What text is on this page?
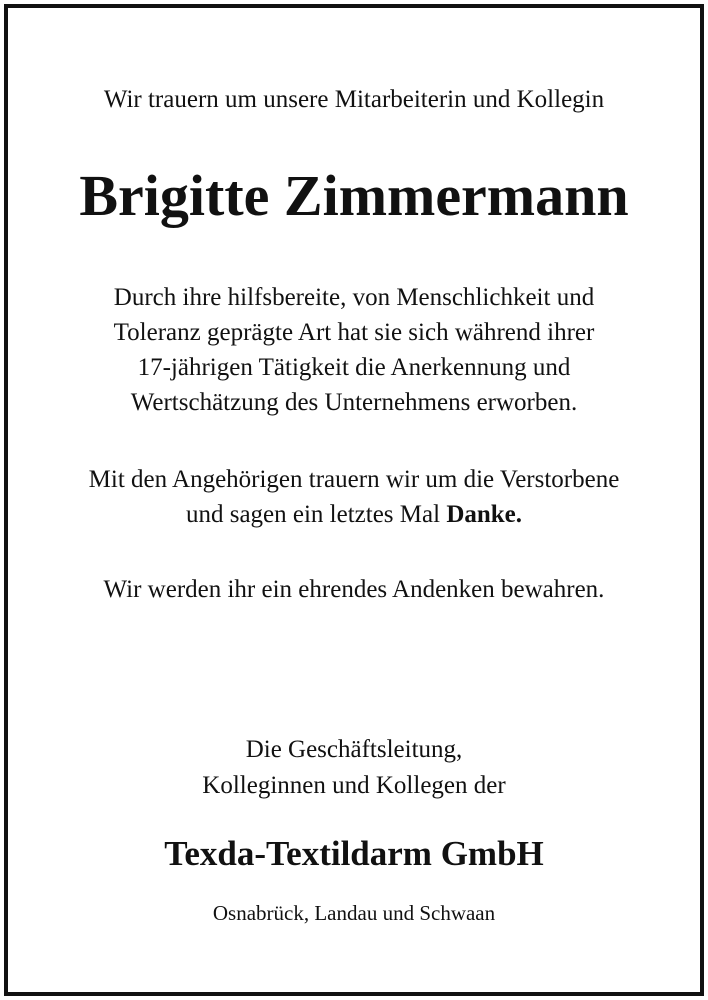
Wir trauern um unsere Mitarbeiterin und Kollegin
Brigitte Zimmermann
Durch ihre hilfsbereite, von Menschlichkeit und
Toleranz geprägte Art hat sie sich während ihrer
17-jährigen Tätigkeit die Anerkennung und
Wertschätzung des Unternehmens erworben.
Mit den Angehörigen trauern wir um die Verstorbene
und sagen ein letztes Mal Danke.
Wir werden ihr ein ehrendes Andenken bewahren.
Die Geschäftsleitung,
Kolleginnen und Kollegen der
Texda-Textildarm GmbH
Osnabrück, Landau und Schwaan
